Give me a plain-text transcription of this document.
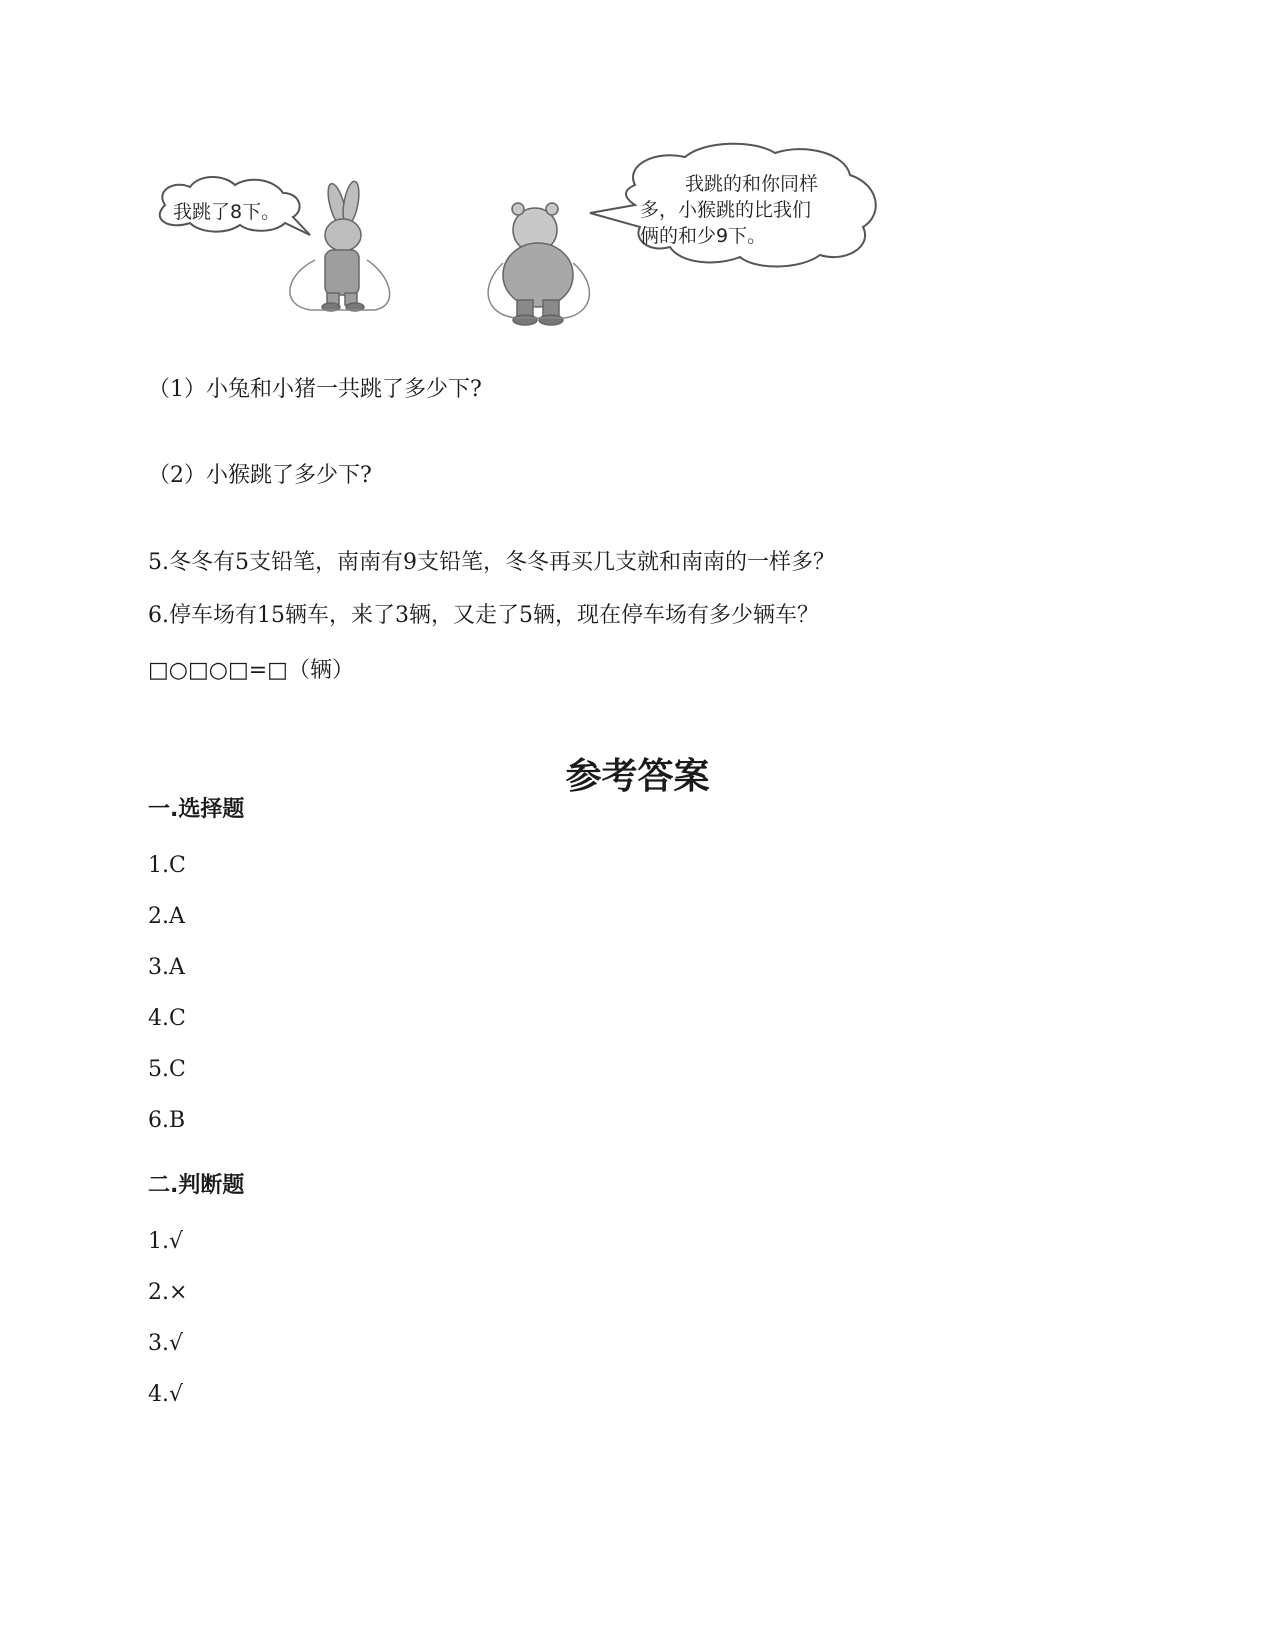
我跳了8下。
我跳的和你同样
多，小猴跳的比我们
俩的和少9下。
（1）小兔和小猪一共跳了多少下?
（2）小猴跳了多少下?
5.冬冬有5支铅笔，南南有9支铅笔，冬冬再买几支就和南南的一样多？
6.停车场有15辆车，来了3辆，又走了5辆，现在停车场有多少辆车？
□○□○□=□（辆）
参考答案
一.选择题
1.C
2.A
3.A
4.C
5.C
6.B
二.判断题
1.√
2.×
3.√
4.√
